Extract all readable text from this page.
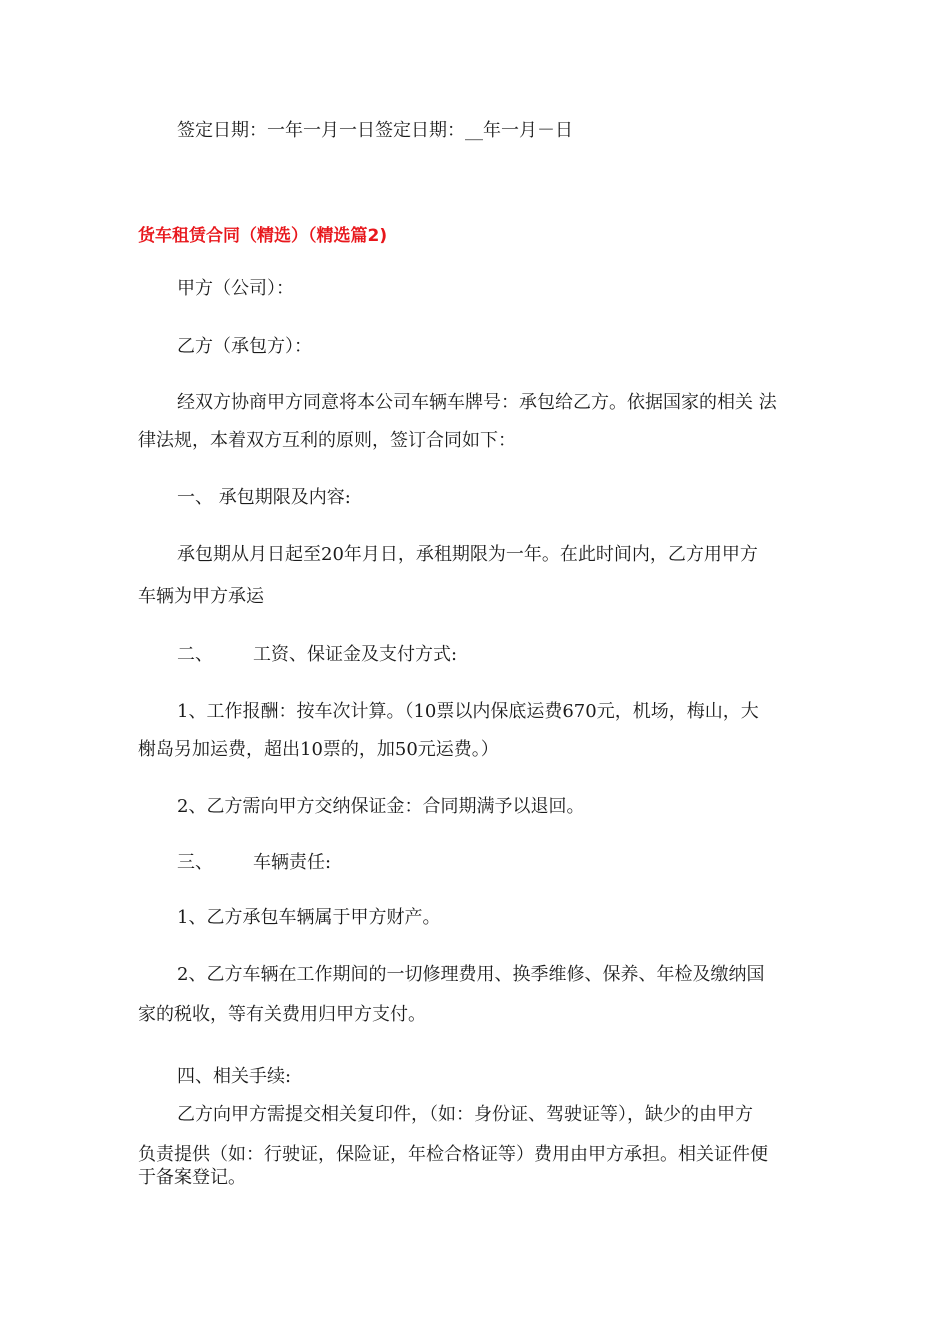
签定日期：一年一月一日签定日期：__年一月－日
货车租赁合同（精选）（精选篇2)
甲方（公司）：
乙方（承包方）：
经双方协商甲方同意将本公司车辆车牌号：承包给乙方。依据国家的相关 法
律法规，本着双方互利的原则，签订合同如下：
一、 承包期限及内容:
承包期从月日起至20年月日，承租期限为一年。在此时间内，乙方用甲方
车辆为甲方承运
二、 工资、保证金及支付方式:
1、工作报酬：按车次计算。（10票以内保底运费670元，机场，梅山，大
榭岛另加运费，超出10票的，加50元运费。）
2、乙方需向甲方交纳保证金：合同期满予以退回。
三、 车辆责任:
1、乙方承包车辆属于甲方财产。
2、乙方车辆在工作期间的一切修理费用、换季维修、保养、年检及缴纳国
家的税收，等有关费用归甲方支付。
四、相关手续:
乙方向甲方需提交相关复印件，（如：身份证、驾驶证等），缺少的由甲方
负责提供（如：行驶证，保险证，年检合格证等）费用由甲方承担。相关证件便
于备案登记。
